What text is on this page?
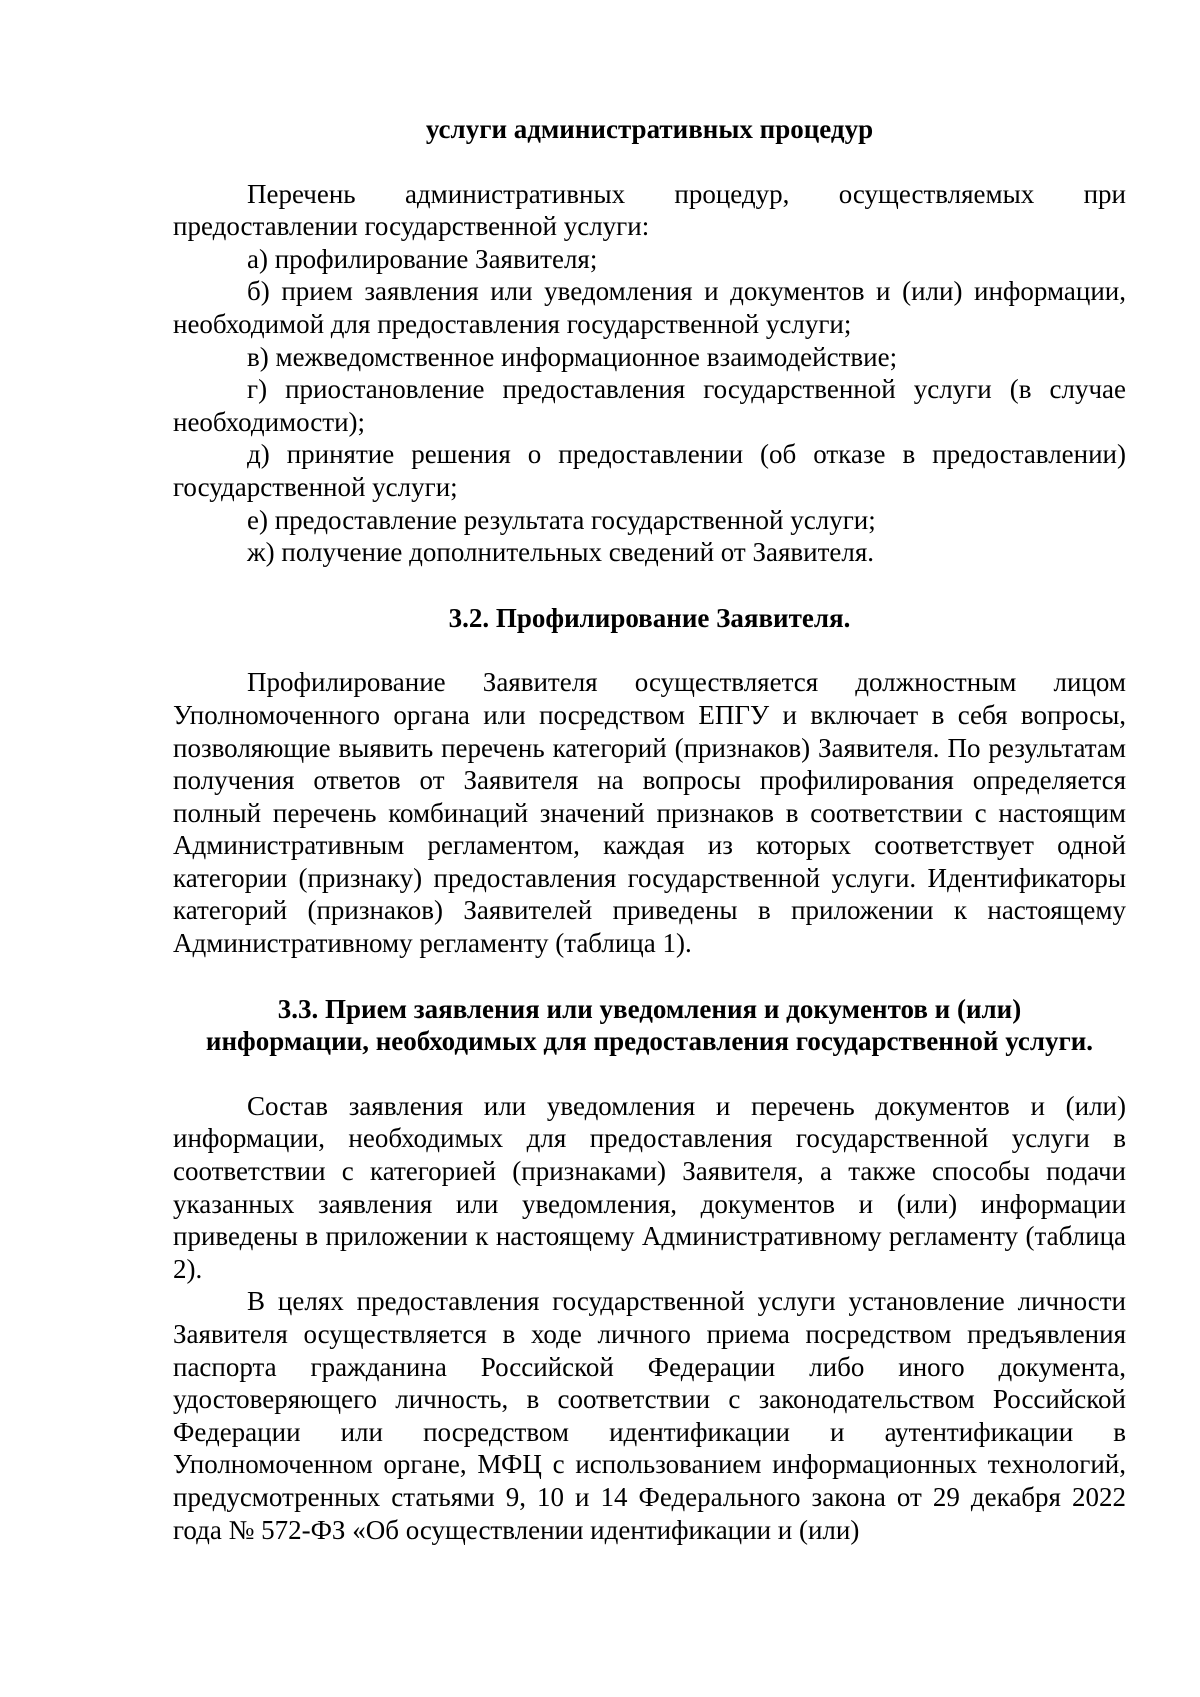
услуги административных процедур

Перечень административных процедур, осуществляемых при предоставлении государственной услуги:

а) профилирование Заявителя;

б) прием заявления или уведомления и документов и (или) информации, необходимой для предоставления государственной услуги;

в) межведомственное информационное взаимодействие;

г) приостановление предоставления государственной услуги (в случае необходимости);

д) принятие решения о предоставлении (об отказе в предоставлении) государственной услуги;

е) предоставление результата государственной услуги;

ж) получение дополнительных сведений от Заявителя.

3.2. Профилирование Заявителя.

Профилирование Заявителя осуществляется должностным лицом Уполномоченного органа или посредством ЕПГУ и включает в себя вопросы, позволяющие выявить перечень категорий (признаков) Заявителя. По результатам получения ответов от Заявителя на вопросы профилирования определяется полный перечень комбинаций значений признаков в соответствии с настоящим Административным регламентом, каждая из которых соответствует одной категории (признаку) предоставления государственной услуги. Идентификаторы категорий (признаков) Заявителей приведены в приложении к настоящему Административному регламенту (таблица 1).

3.3. Прием заявления или уведомления и документов и (или)

информации, необходимых для предоставления государственной услуги.

Состав заявления или уведомления и перечень документов и (или) информации, необходимых для предоставления государственной услуги в соответствии с категорией (признаками) Заявителя, а также способы подачи указанных заявления или уведомления, документов и (или) информации приведены в приложении к настоящему Административному регламенту (таблица 2).

В целях предоставления государственной услуги установление личности Заявителя осуществляется в ходе личного приема посредством предъявления паспорта гражданина Российской Федерации либо иного документа, удостоверяющего личность, в соответствии с законодательством Российской Федерации или посредством идентификации и аутентификации в Уполномоченном органе, МФЦ с использованием информационных технологий, предусмотренных статьями 9, 10 и 14 Федерального закона от 29 декабря 2022 года № 572-ФЗ «Об осуществлении идентификации и (или)
